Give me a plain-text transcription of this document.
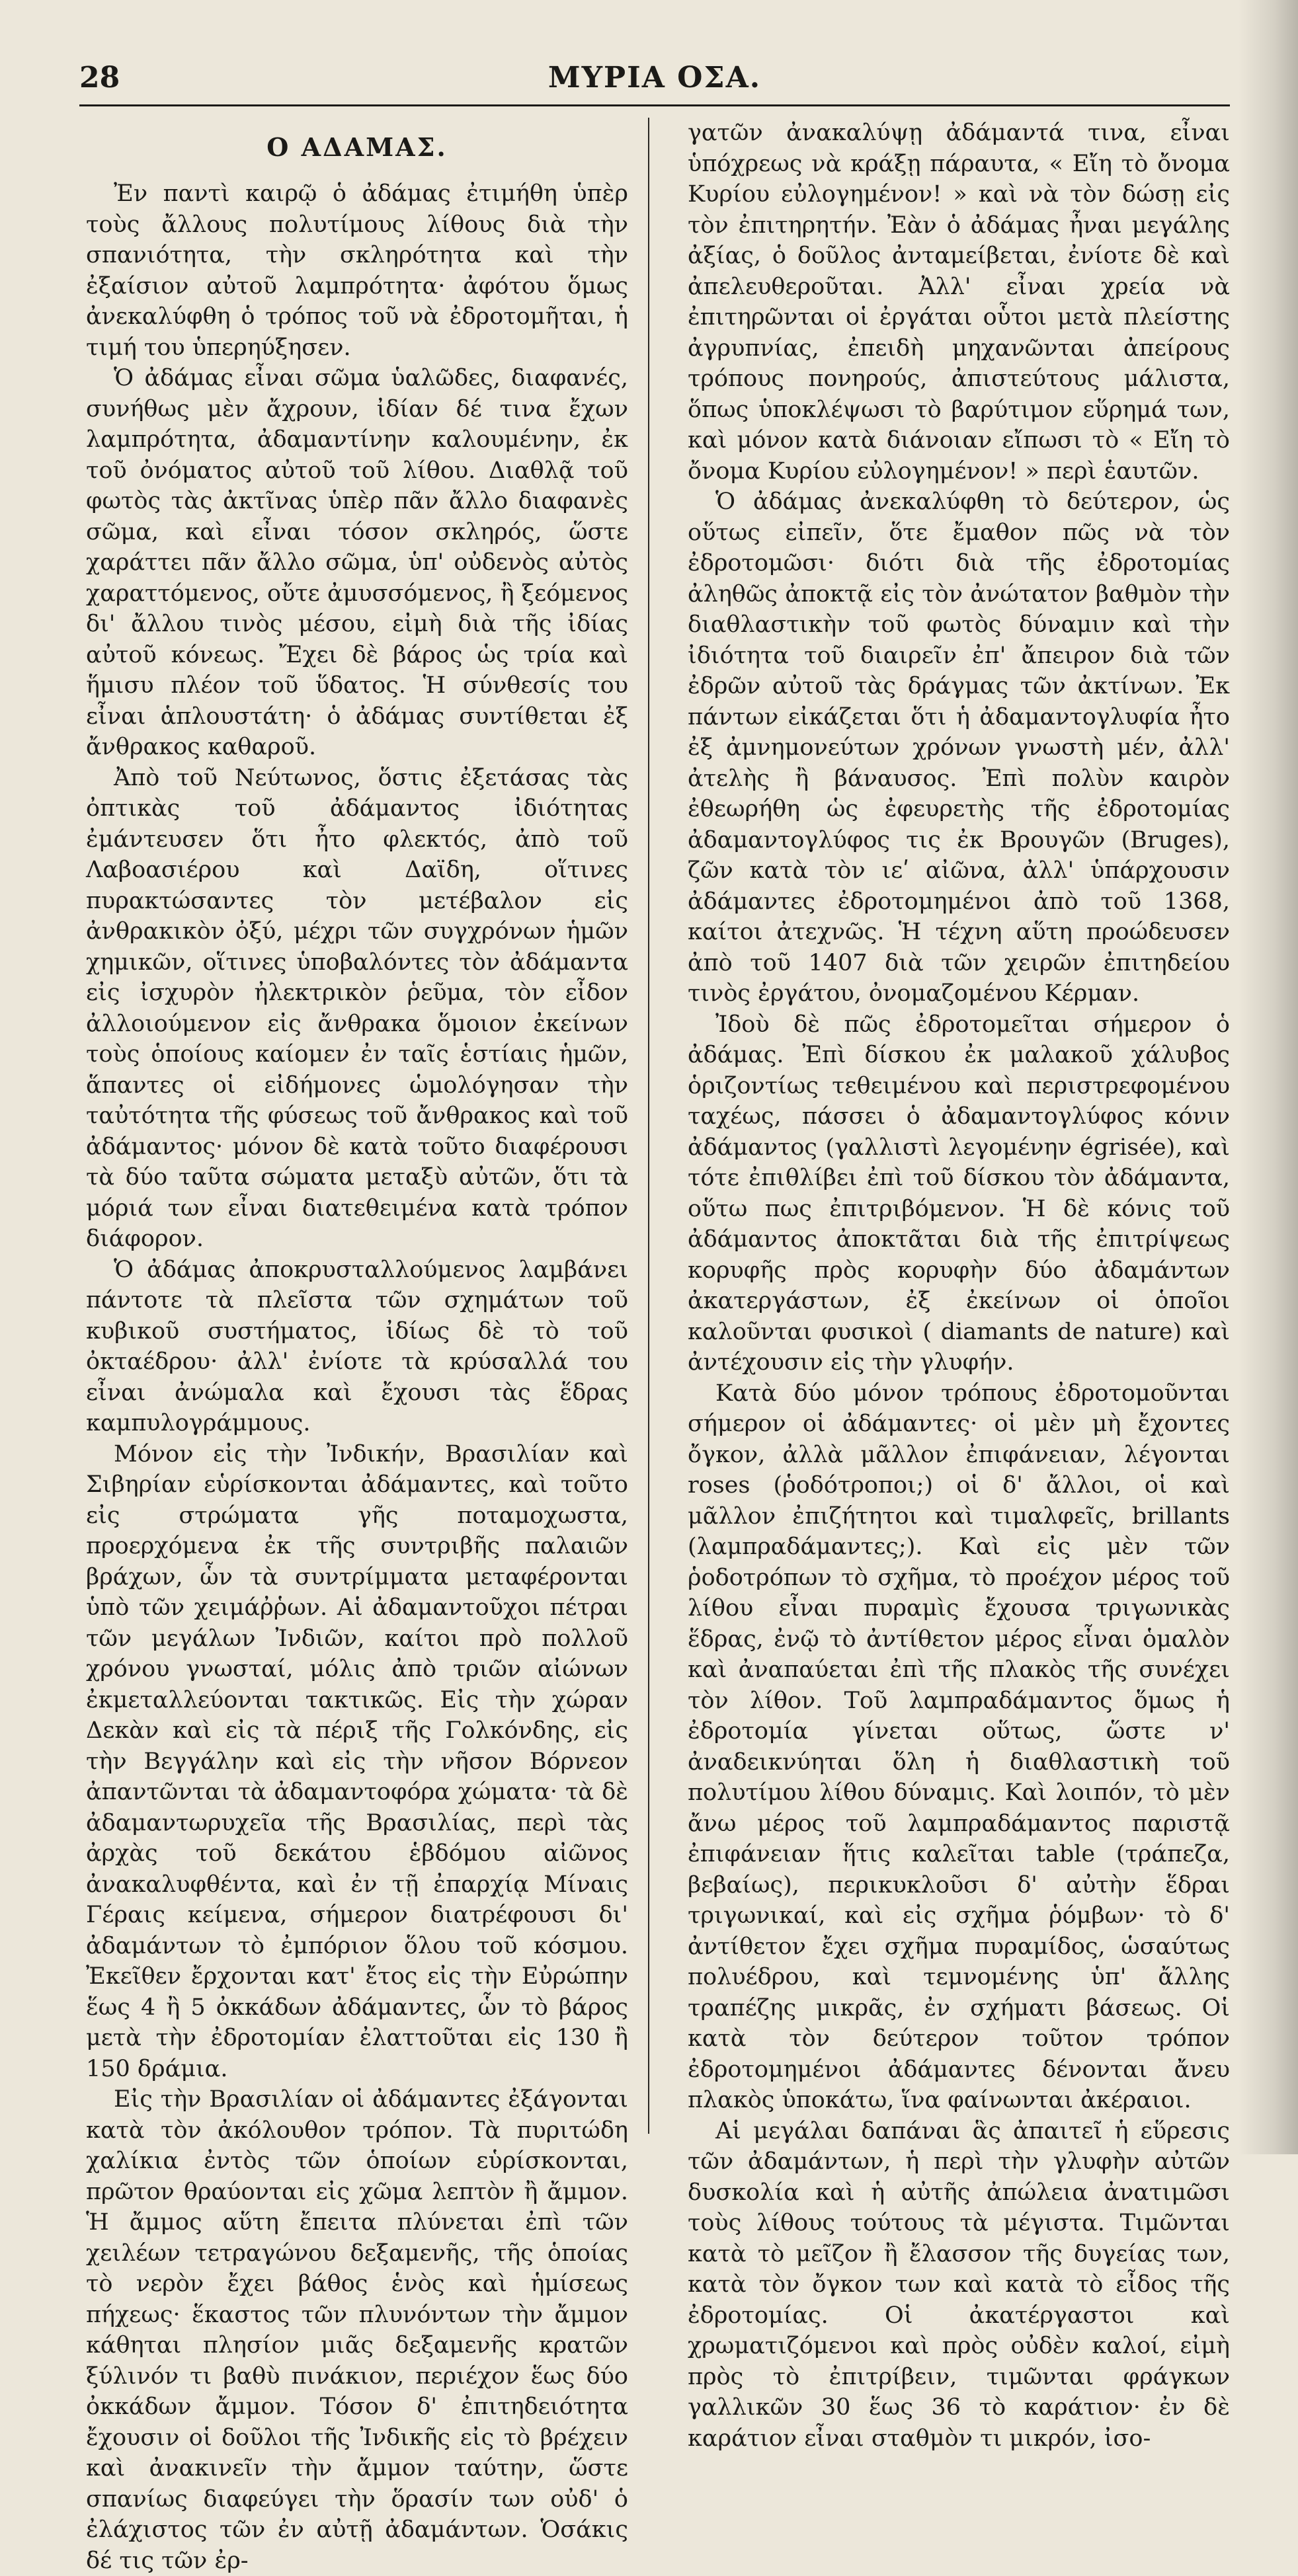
28	ΜΥΡΙΑ ΟΣΑ.
Ο ΑΔΑΜΑΣ.

Ἐν παντὶ καιρῷ ὁ ἀδάμας ἐτιμήθη ὑπὲρ τοὺς ἄλλους πολυτίμους λίθους διὰ τὴν σπανιότητα, τὴν σκληρότητα καὶ τὴν ἐξαίσιον αὐτοῦ λαμπρότητα· ἀφότου ὅμως ἀνεκαλύφθη ὁ τρόπος τοῦ νὰ ἐδροτομῆται, ἡ τιμή του ὑπερηύξησεν.

Ὁ ἀδάμας εἶναι σῶμα ὑαλῶδες, διαφανές, συνήθως μὲν ἄχρουν, ἰδίαν δέ τινα ἔχων λαμπρότητα, ἀδαμαντίνην καλουμένην, ἐκ τοῦ ὀνόματος αὐτοῦ τοῦ λίθου. Διαθλᾷ τοῦ φωτὸς τὰς ἀκτῖνας ὑπὲρ πᾶν ἄλλο διαφανὲς σῶμα, καὶ εἶναι τόσον σκληρός, ὥστε χαράττει πᾶν ἄλλο σῶμα, ὑπ' οὐδενὸς αὐτὸς χαραττόμενος, οὔτε ἀμυσσόμενος, ἢ ξεόμενος δι' ἄλλου τινὸς μέσου, εἰμὴ διὰ τῆς ἰδίας αὐτοῦ κόνεως. Ἔχει δὲ βάρος ὡς τρία καὶ ἥμισυ πλέον τοῦ ὕδατος. Ἡ σύνθεσίς του εἶναι ἁπλουστάτη· ὁ ἀδάμας συντίθεται ἐξ ἄνθρακος καθαροῦ.

Ἀπὸ τοῦ Νεύτωνος, ὅστις ἐξετάσας τὰς ὀπτικὰς τοῦ ἀδάμαντος ἰδιότητας ἐμάντευσεν ὅτι ἦτο φλεκτός, ἀπὸ τοῦ Λαβοασιέρου καὶ Δαϊδη, οἵτινες πυρακτώσαντες τὸν μετέβαλον εἰς ἀνθρακικὸν ὀξύ, μέχρι τῶν συγχρόνων ἡμῶν χημικῶν, οἵτινες ὑποβαλόντες τὸν ἀδάμαντα εἰς ἰσχυρὸν ἠλεκτρικὸν ῥεῦμα, τὸν εἶδον ἀλλοιούμενον εἰς ἄνθρακα ὅμοιον ἐκείνων τοὺς ὁποίους καίομεν ἐν ταῖς ἑστίαις ἡμῶν, ἅπαντες οἱ εἰδήμονες ὡμολόγησαν τὴν ταὐτότητα τῆς φύσεως τοῦ ἄνθρακος καὶ τοῦ ἀδάμαντος· μόνον δὲ κατὰ τοῦτο διαφέρουσι τὰ δύο ταῦτα σώματα μεταξὺ αὐτῶν, ὅτι τὰ μόριά των εἶναι διατεθειμένα κατὰ τρόπον διάφορον.

Ὁ ἀδάμας ἀποκρυσταλλούμενος λαμβάνει πάντοτε τὰ πλεῖστα τῶν σχημάτων τοῦ κυβικοῦ συστήματος, ἰδίως δὲ τὸ τοῦ ὀκταέδρου· ἀλλ' ἐνίοτε τὰ κρύσαλλά του εἶναι ἀνώμαλα καὶ ἔχουσι τὰς ἕδρας καμπυλογράμμους.

Μόνον εἰς τὴν Ἰνδικήν, Βρασιλίαν καὶ Σιβηρίαν εὑρίσκονται ἀδάμαντες, καὶ τοῦτο εἰς στρώματα γῆς ποταμοχωστα, προερχόμενα ἐκ τῆς συντριβῆς παλαιῶν βράχων, ὧν τὰ συντρίμματα μεταφέρονται ὑπὸ τῶν χειμάῤῥων. Αἱ ἀδαμαντοῦχοι πέτραι τῶν μεγάλων Ἰνδιῶν, καίτοι πρὸ πολλοῦ χρόνου γνωσταί, μόλις ἀπὸ τριῶν αἰώνων ἐκμεταλλεύονται τακτικῶς. Εἰς τὴν χώραν Δεκὰν καὶ εἰς τὰ πέριξ τῆς Γολκόνδης, εἰς τὴν Βεγγάλην καὶ εἰς τὴν νῆσον Βόρνεον ἀπαντῶνται τὰ ἀδαμαντοφόρα χώματα· τὰ δὲ ἀδαμαντωρυχεῖα τῆς Βρασιλίας, περὶ τὰς ἀρχὰς τοῦ δεκάτου ἑβδόμου αἰῶνος ἀνακαλυφθέντα, καὶ ἐν τῇ ἐπαρχίᾳ Μίναις Γέραις κείμενα, σήμερον διατρέφουσι δι' ἀδαμάντων τὸ ἐμπόριον ὅλου τοῦ κόσμου. Ἐκεῖθεν ἔρχονται κατ' ἔτος εἰς τὴν Εὐρώπην ἕως 4 ἢ 5 ὀκκάδων ἀδάμαντες, ὧν τὸ βάρος μετὰ τὴν ἐδροτομίαν ἐλαττοῦται εἰς 130 ἢ 150 δράμια.

Εἰς τὴν Βρασιλίαν οἱ ἀδάμαντες ἐξάγονται κατὰ τὸν ἀκόλουθον τρόπον. Τὰ πυριτώδη χαλίκια ἐντὸς τῶν ὁποίων εὑρίσκονται, πρῶτον θραύονται εἰς χῶμα λεπτὸν ἢ ἄμμον. Ἡ ἄμμος αὕτη ἔπειτα πλύνεται ἐπὶ τῶν χειλέων τετραγώνου δεξαμενῆς, τῆς ὁποίας τὸ νερὸν ἔχει βάθος ἑνὸς καὶ ἡμίσεως πήχεως· ἕκαστος τῶν πλυνόντων τὴν ἄμμον κάθηται πλησίον μιᾶς δεξαμενῆς κρατῶν ξύλινόν τι βαθὺ πινάκιον, περιέχον ἕως δύο ὀκκάδων ἄμμον. Τόσον δ' ἐπιτηδειότητα ἔχουσιν οἱ δοῦλοι τῆς Ἰνδικῆς εἰς τὸ βρέχειν καὶ ἀνακινεῖν τὴν ἄμμον ταύτην, ὥστε σπανίως διαφεύγει τὴν ὅρασίν των οὐδ' ὁ ἐλάχιστος τῶν ἐν αὐτῇ ἀδαμάντων. Ὁσάκις δέ τις τῶν ἐρ-

γατῶν ἀνακαλύψῃ ἀδάμαντά τινα, εἶναι ὑπόχρεως νὰ κράξῃ πάραυτα, « Εἴη τὸ ὄνομα Κυρίου εὐλογημένον! » καὶ νὰ τὸν δώσῃ εἰς τὸν ἐπιτηρητήν. Ἐὰν ὁ ἀδάμας ἦναι μεγάλης ἀξίας, ὁ δοῦλος ἀνταμείβεται, ἐνίοτε δὲ καὶ ἀπελευθεροῦται. Ἀλλ' εἶναι χρεία νὰ ἐπιτηρῶνται οἱ ἐργάται οὗτοι μετὰ πλείστης ἀγρυπνίας, ἐπειδὴ μηχανῶνται ἀπείρους τρόπους πονηρούς, ἀπιστεύτους μάλιστα, ὅπως ὑποκλέψωσι τὸ βαρύτιμον εὕρημά των, καὶ μόνον κατὰ διάνοιαν εἴπωσι τὸ « Εἴη τὸ ὄνομα Κυρίου εὐλογημένον! » περὶ ἑαυτῶν.

Ὁ ἀδάμας ἀνεκαλύφθη τὸ δεύτερον, ὡς οὕτως εἰπεῖν, ὅτε ἔμαθον πῶς νὰ τὸν ἐδροτομῶσι· διότι διὰ τῆς ἐδροτομίας ἀληθῶς ἀποκτᾷ εἰς τὸν ἀνώτατον βαθμὸν τὴν διαθλαστικὴν τοῦ φωτὸς δύναμιν καὶ τὴν ἰδιότητα τοῦ διαιρεῖν ἐπ' ἄπειρον διὰ τῶν ἐδρῶν αὐτοῦ τὰς δράγμας τῶν ἀκτίνων. Ἐκ πάντων εἰκάζεται ὅτι ἡ ἀδαμαντογλυφία ἦτο ἐξ ἀμνημονεύτων χρόνων γνωστὴ μέν, ἀλλ' ἀτελὴς ἢ βάναυσος. Ἐπὶ πολὺν καιρὸν ἐθεωρήθη ὡς ἐφευρετὴς τῆς ἐδροτομίας ἀδαμαντογλύφος τις ἐκ Βρουγῶν (Bruges), ζῶν κατὰ τὸν ιεʹ αἰῶνα, ἀλλ' ὑπάρχουσιν ἀδάμαντες ἐδροτομημένοι ἀπὸ τοῦ 1368, καίτοι ἀτεχνῶς. Ἡ τέχνη αὕτη προώδευσεν ἀπὸ τοῦ 1407 διὰ τῶν χειρῶν ἐπιτηδείου τινὸς ἐργάτου, ὀνομαζομένου Κέρμαν.

Ἰδοὺ δὲ πῶς ἐδροτομεῖται σήμερον ὁ ἀδάμας. Ἐπὶ δίσκου ἐκ μαλακοῦ χάλυβος ὁριζοντίως τεθειμένου καὶ περιστρεφομένου ταχέως, πάσσει ὁ ἀδαμαντογλύφος κόνιν ἀδάμαντος (γαλλιστὶ λεγομένην égrisée), καὶ τότε ἐπιθλίβει ἐπὶ τοῦ δίσκου τὸν ἀδάμαντα, οὕτω πως ἐπιτριβόμενον. Ἡ δὲ κόνις τοῦ ἀδάμαντος ἀποκτᾶται διὰ τῆς ἐπιτρίψεως κορυφῆς πρὸς κορυφὴν δύο ἀδαμάντων ἀκατεργάστων, ἐξ ἐκείνων οἱ ὁποῖοι καλοῦνται φυσικοὶ ( diamants de nature) καὶ ἀντέχουσιν εἰς τὴν γλυφήν.

Κατὰ δύο μόνον τρόπους ἐδροτομοῦνται σήμερον οἱ ἀδάμαντες· οἱ μὲν μὴ ἔχοντες ὄγκον, ἀλλὰ μᾶλλον ἐπιφάνειαν, λέγονται roses (ῥοδότροποι;) οἱ δ' ἄλλοι, οἱ καὶ μᾶλλον ἐπιζήτητοι καὶ τιμαλφεῖς, brillants (λαμπραδάμαντες;). Καὶ εἰς μὲν τῶν ῥοδοτρόπων τὸ σχῆμα, τὸ προέχον μέρος τοῦ λίθου εἶναι πυραμὶς ἔχουσα τριγωνικὰς ἕδρας, ἐνῷ τὸ ἀντίθετον μέρος εἶναι ὁμαλὸν καὶ ἀναπαύεται ἐπὶ τῆς πλακὸς τῆς συνέχει τὸν λίθον. Τοῦ λαμπραδάμαντος ὅμως ἡ ἐδροτομία γίνεται οὕτως, ὥστε ν' ἀναδεικνύηται ὅλη ἡ διαθλαστικὴ τοῦ πολυτίμου λίθου δύναμις. Καὶ λοιπόν, τὸ μὲν ἄνω μέρος τοῦ λαμπραδάμαντος παριστᾷ ἐπιφάνειαν ἥτις καλεῖται table (τράπεζα, βεβαίως), περικυκλοῦσι δ' αὐτὴν ἕδραι τριγωνικαί, καὶ εἰς σχῆμα ῥόμβων· τὸ δ' ἀντίθετον ἔχει σχῆμα πυραμίδος, ὡσαύτως πολυέδρου, καὶ τεμνομένης ὑπ' ἄλλης τραπέζης μικρᾶς, ἐν σχήματι βάσεως. Οἱ κατὰ τὸν δεύτερον τοῦτον τρόπον ἐδροτομημένοι ἀδάμαντες δένονται ἄνευ πλακὸς ὑποκάτω, ἵνα φαίνωνται ἀκέραιοι.

Αἱ μεγάλαι δαπάναι ἃς ἀπαιτεῖ ἡ εὕρεσις τῶν ἀδαμάντων, ἡ περὶ τὴν γλυφὴν αὐτῶν δυσκολία καὶ ἡ αὐτῆς ἀπώλεια ἀνατιμῶσι τοὺς λίθους τούτους τὰ μέγιστα. Τιμῶνται κατὰ τὸ μεῖζον ἢ ἔλασσον τῆς δυγείας των, κατὰ τὸν ὄγκον των καὶ κατὰ τὸ εἶδος τῆς ἐδροτομίας. Οἱ ἀκατέργαστοι καὶ χρωματιζόμενοι καὶ πρὸς οὐδὲν καλοί, εἰμὴ πρὸς τὸ ἐπιτρίβειν, τιμῶνται φράγκων γαλλικῶν 30 ἕως 36 τὸ καράτιον· ἐν δὲ καράτιον εἶναι σταθμὸν τι μικρόν, ἰσο-
